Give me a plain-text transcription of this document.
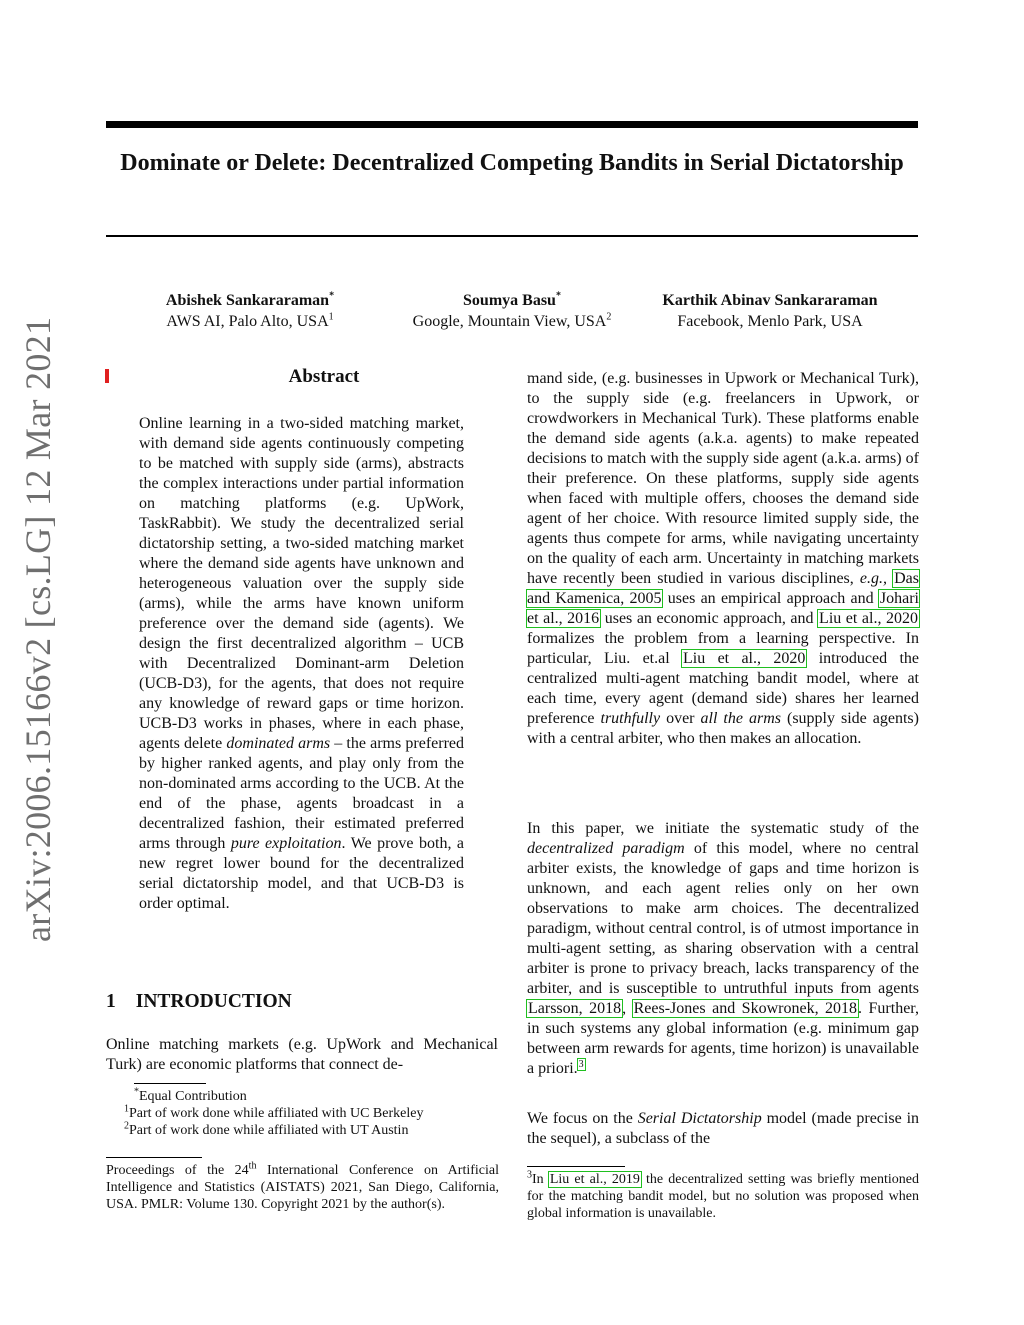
arXiv:2006.15166v2 [cs.LG] 12 Mar 2021
Dominate or Delete: Decentralized Competing Bandits in Serial Dictatorship
Abishek Sankararaman*
AWS AI, Palo Alto, USA$^1$
Soumya Basu*
Google, Mountain View, USA$^2$
Karthik Abinav Sankararaman
Facebook, Menlo Park, USA
Abstract

Online learning in a two-sided matching market, with demand side agents continuously competing to be matched with supply side (arms), abstracts the complex interactions under partial information on matching platforms (e.g. UpWork, TaskRabbit). We study the decentralized serial dictatorship setting, a two-sided matching market where the demand side agents have unknown and heterogeneous valuation over the supply side (arms), while the arms have known uniform preference over the demand side (agents). We design the first decentralized algorithm – UCB with Decentralized Dominant-arm Deletion (UCB-D3), for the agents, that does not require any knowledge of reward gaps or time horizon. UCB-D3 works in phases, where in each phase, agents delete dominated arms – the arms preferred by higher ranked agents, and play only from the non-dominated arms according to the UCB. At the end of the phase, agents broadcast in a decentralized fashion, their estimated preferred arms through pure exploitation. We prove both, a new regret lower bound for the decentralized serial dictatorship model, and that UCB-D3 is order optimal.

1 INTRODUCTION
Online matching markets (e.g. UpWork and Mechanical Turk) are economic platforms that connect de-
*Equal Contribution
$^1$Part of work done while affiliated with UC Berkeley
$^2$Part of work done while affiliated with UT Austin
Proceedings of the 24th International Conference on Artificial Intelligence and Statistics (AISTATS) 2021, San Diego, California, USA. PMLR: Volume 130. Copyright 2021 by the author(s).

mand side, (e.g. businesses in Upwork or Mechanical Turk), to the supply side (e.g. freelancers in Upwork, or crowdworkers in Mechanical Turk). These platforms enable the demand side agents (a.k.a. agents) to make repeated decisions to match with the supply side agent (a.k.a. arms) of their preference. On these platforms, supply side agents when faced with multiple offers, chooses the demand side agent of her choice. With resource limited supply side, the agents thus compete for arms, while navigating uncertainty on the quality of each arm. Uncertainty in matching markets have recently been studied in various disciplines, e.g., Das and Kamenica, 2005 uses an empirical approach and Johari et al., 2016 uses an economic approach, and Liu et al., 2020 formalizes the problem from a learning perspective. In particular, Liu. et.al Liu et al., 2020 introduced the centralized multi-agent matching bandit model, where at each time, every agent (demand side) shares her learned preference truthfully over all the arms (supply side agents) with a central arbiter, who then makes an allocation.

In this paper, we initiate the systematic study of the decentralized paradigm of this model, where no central arbiter exists, the knowledge of gaps and time horizon is unknown, and each agent relies only on her own observations to make arm choices. The decentralized paradigm, without central control, is of utmost importance in multi-agent setting, as sharing observation with a central arbiter is prone to privacy breach, lacks transparency of the arbiter, and is susceptible to untruthful inputs from agents Larsson, 2018, Rees-Jones and Skowronek, 2018. Further, in such systems any global information (e.g. minimum gap between arm rewards for agents, time horizon) is unavailable a priori.$^3$

We focus on the Serial Dictatorship model (made precise in the sequel), a subclass of the

$^3$In Liu et al., 2019 the decentralized setting was briefly mentioned for the matching bandit model, but no solution was proposed when global information is unavailable.
